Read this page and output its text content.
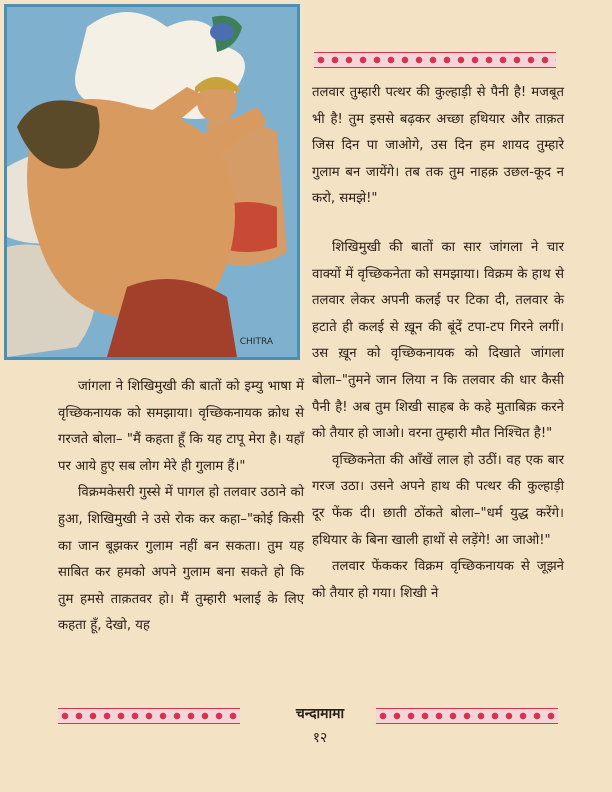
CHITRA

तलवार तुम्हारी पत्थर की कुल्हाड़ी से पैनी है! मजबूत भी है! तुम इससे बढ़कर अच्छा हथियार और ताक़त जिस दिन पा जाओगे, उस दिन हम शायद तुम्हारे गुलाम बन जायेंगे। तब तक तुम नाहक़ उछल-कूद न करो, समझे!"

शिखिमुखी की बातों का सार जांगला ने चार वाक्यों में वृच्छिकनेता को समझाया। विक्रम के हाथ से तलवार लेकर अपनी कलई पर टिका दी, तलवार के हटाते ही कलई से ख़ून की बूंदें टपा-टप गिरने लगीं। उस ख़ून को वृच्छिकनायक को दिखाते जांगला बोला–"तुमने जान लिया न कि तलवार की धार कैसी पैनी है! अब तुम शिखी साहब के कहे मुताबिक़ करने को तैयार हो जाओ। वरना तुम्हारी मौत निश्चित है!"

वृच्छिकनेता की आँखें लाल हो उठीं। वह एक बार गरज उठा। उसने अपने हाथ की पत्थर की कुल्हाड़ी दूर फेंक दी। छाती ठोंकते बोला–"धर्म युद्ध करेंगे। हथियार के बिना खाली हाथों से लड़ेंगे! आ जाओ!"

तलवार फेंककर विक्रम वृच्छिकनायक से जूझने को तैयार हो गया। शिखी ने

जांगला ने शिखिमुखी की बातों को इम्यु भाषा में वृच्छिकनायक को समझाया। वृच्छिकनायक क्रोध से गरजते बोला– "मैं कहता हूँ कि यह टापू मेरा है। यहाँ पर आये हुए सब लोग मेरे ही गुलाम हैं।"

विक्रमकेसरी गुस्से में पागल हो तलवार उठाने को हुआ, शिखिमुखी ने उसे रोक कर कहा–"कोई किसी का जान बूझकर गुलाम नहीं बन सकता। तुम यह साबित कर हमको अपने गुलाम बना सकते हो कि तुम हमसे ताक़तवर हो। मैं तुम्हारी भलाई के लिए कहता हूँ, देखो, यह

चन्दामामा
१२
